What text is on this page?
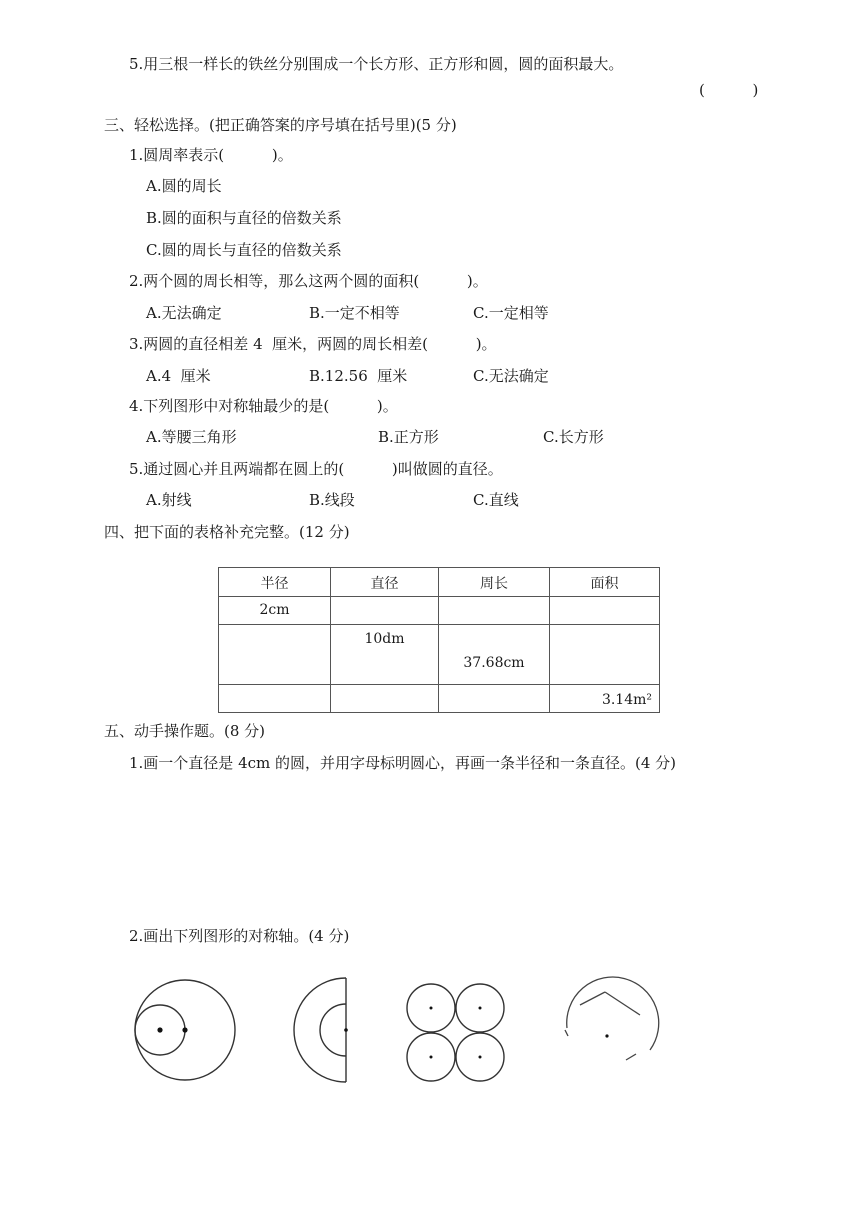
5.用三根一样长的铁丝分别围成一个长方形、正方形和圆，圆的面积最大。
(          )
三、轻松选择。(把正确答案的序号填在括号里)(5 分)
1.圆周率表示(          )。
A.圆的周长
B.圆的面积与直径的倍数关系
C.圆的周长与直径的倍数关系
2.两个圆的周长相等，那么这两个圆的面积(          )。
A.无法确定	B.一定不相等	C.一定相等
3.两圆的直径相差 4  厘米，两圆的周长相差(          )。
A.4  厘米	B.12.56  厘米	C.无法确定
4.下列图形中对称轴最少的是(          )。
A.等腰三角形	B.正方形	C.长方形
5.通过圆心并且两端都在圆上的(          )叫做圆的直径。
A.射线	B.线段	C.直线
四、把下面的表格补充完整。(12 分)
半径	直径	周长	面积

2cm			

	10dm	37.68cm	

			3.14m²
五、动手操作题。(8 分)
1.画一个直径是 4cm 的圆，并用字母标明圆心，再画一条半径和一条直径。(4 分)
2.画出下列图形的对称轴。(4 分)
